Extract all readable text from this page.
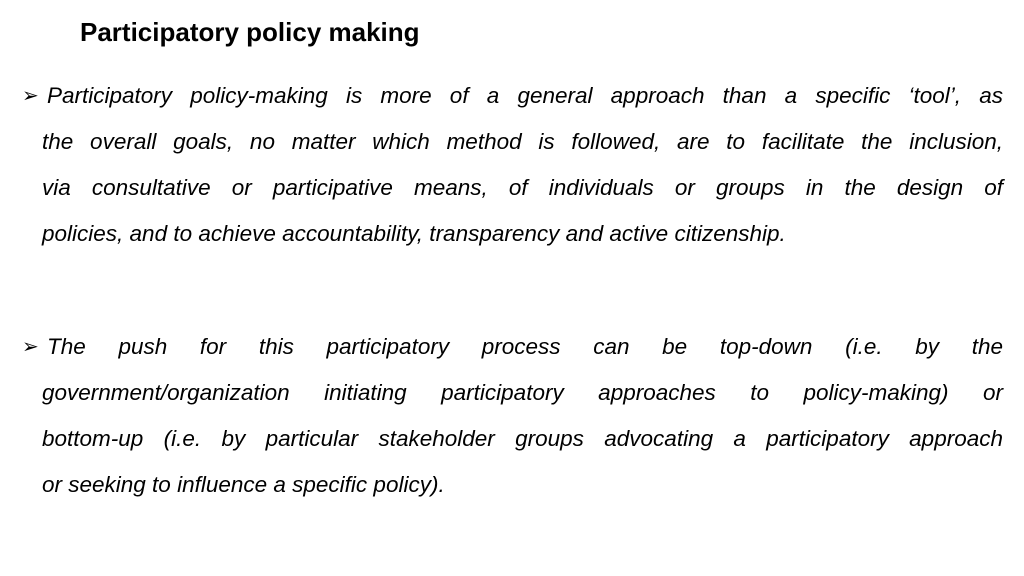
Participatory policy making
➢ Participatory policy-making is more of a general approach than a specific ‘tool’, as
the overall goals, no matter which method is followed, are to facilitate the inclusion,
via consultative or participative means, of individuals or groups in the design of
policies, and to achieve accountability, transparency and active citizenship.
➢ The push for this participatory process can be top-down (i.e. by the
government/organization initiating participatory approaches to policy-making) or
bottom-up (i.e. by particular stakeholder groups advocating a participatory approach
or seeking to influence a specific policy).
